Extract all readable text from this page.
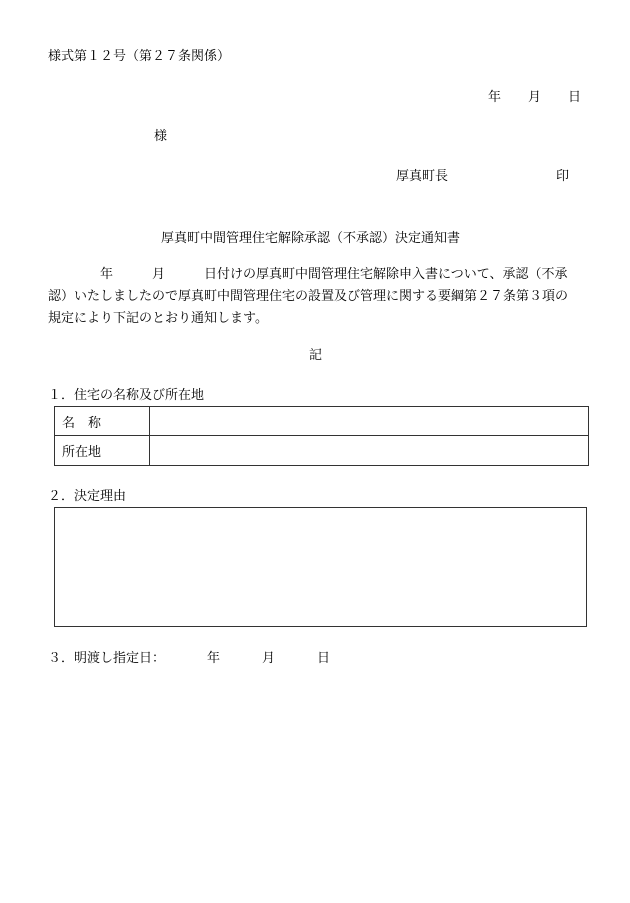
様式第１２号（第２７条関係）
年 月 日
様
厚真町長	印
厚真町中間管理住宅解除承認（不承認）決定通知書
年	月	日付けの厚真町中間管理住宅解除申入書について、承認（不承
認）いたしましたので厚真町中間管理住宅の設置及び管理に関する要綱第２７条第３項の
規定により下記のとおり通知します。
記
１．住宅の名称及び所在地
名　称	
所在地	
２．決定理由
３．明渡し指定日：	年	月	日
